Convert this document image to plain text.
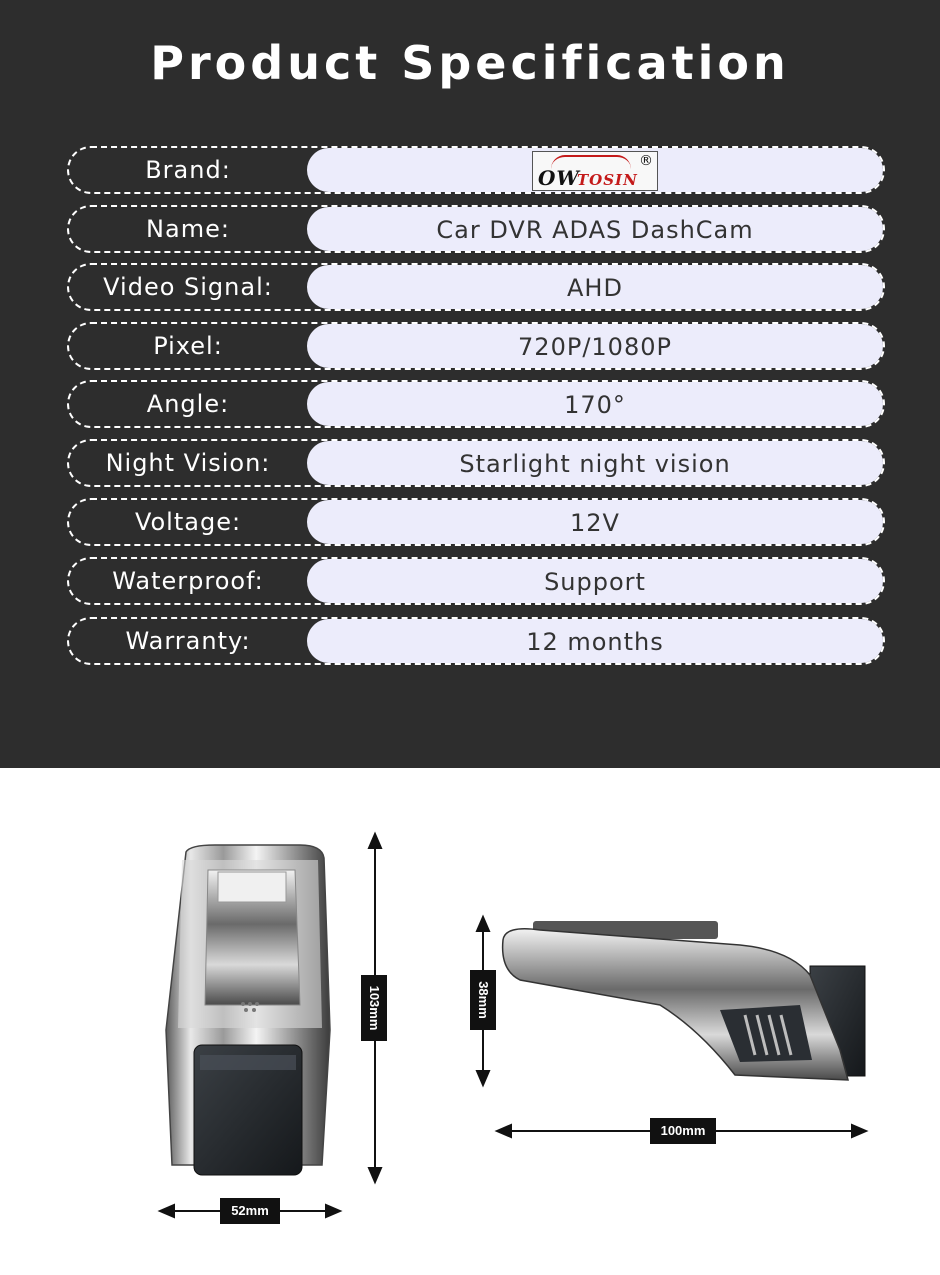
Product Specification
Brand:	OW
TOSIN
®
Name:	Car DVR ADAS DashCam
Video Signal:	AHD
Pixel:	720P/1080P
Angle:	170°
Night Vision:	Starlight night vision
Voltage:	12V
Waterproof:	Support
Warranty:	12 months
103mm
52mm
38mm
100mm
